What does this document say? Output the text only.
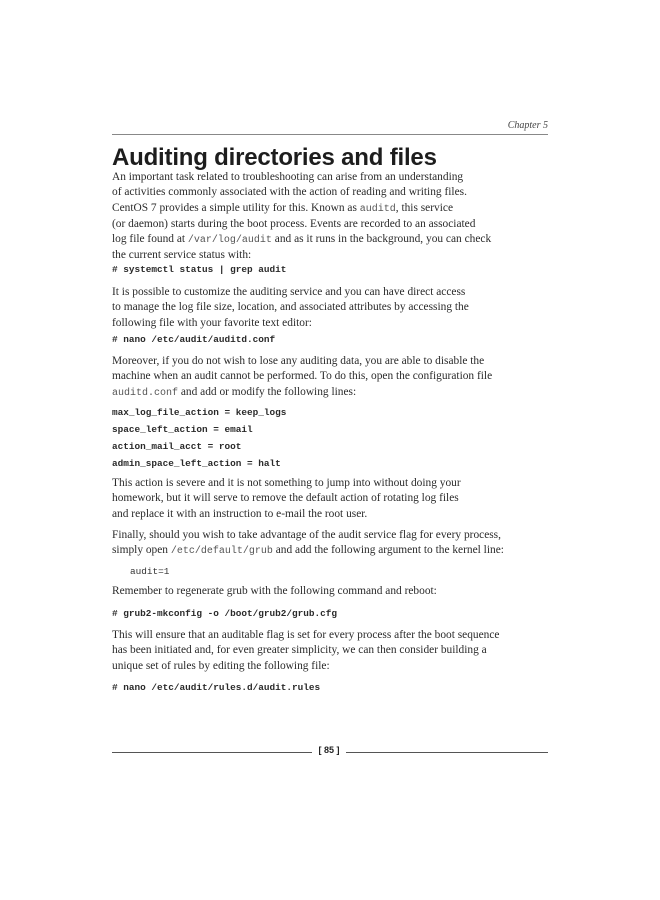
Chapter 5
Auditing directories and files
An important task related to troubleshooting can arise from an understanding
of activities commonly associated with the action of reading and writing files.
CentOS 7 provides a simple utility for this. Known as auditd, this service
(or daemon) starts during the boot process. Events are recorded to an associated
log file found at /var/log/audit and as it runs in the background, you can check
the current service status with:
# systemctl status | grep audit
It is possible to customize the auditing service and you can have direct access
to manage the log file size, location, and associated attributes by accessing the
following file with your favorite text editor:
# nano /etc/audit/auditd.conf
Moreover, if you do not wish to lose any auditing data, you are able to disable the
machine when an audit cannot be performed. To do this, open the configuration file
auditd.conf and add or modify the following lines:
max_log_file_action = keep_logs
space_left_action = email
action_mail_acct = root
admin_space_left_action = halt
This action is severe and it is not something to jump into without doing your
homework, but it will serve to remove the default action of rotating log files
and replace it with an instruction to e-mail the root user.
Finally, should you wish to take advantage of the audit service flag for every process,
simply open /etc/default/grub and add the following argument to the kernel line:
audit=1
Remember to regenerate grub with the following command and reboot:
# grub2-mkconfig -o /boot/grub2/grub.cfg
This will ensure that an auditable flag is set for every process after the boot sequence
has been initiated and, for even greater simplicity, we can then consider building a
unique set of rules by editing the following file:
# nano /etc/audit/rules.d/audit.rules
[ 85 ]
